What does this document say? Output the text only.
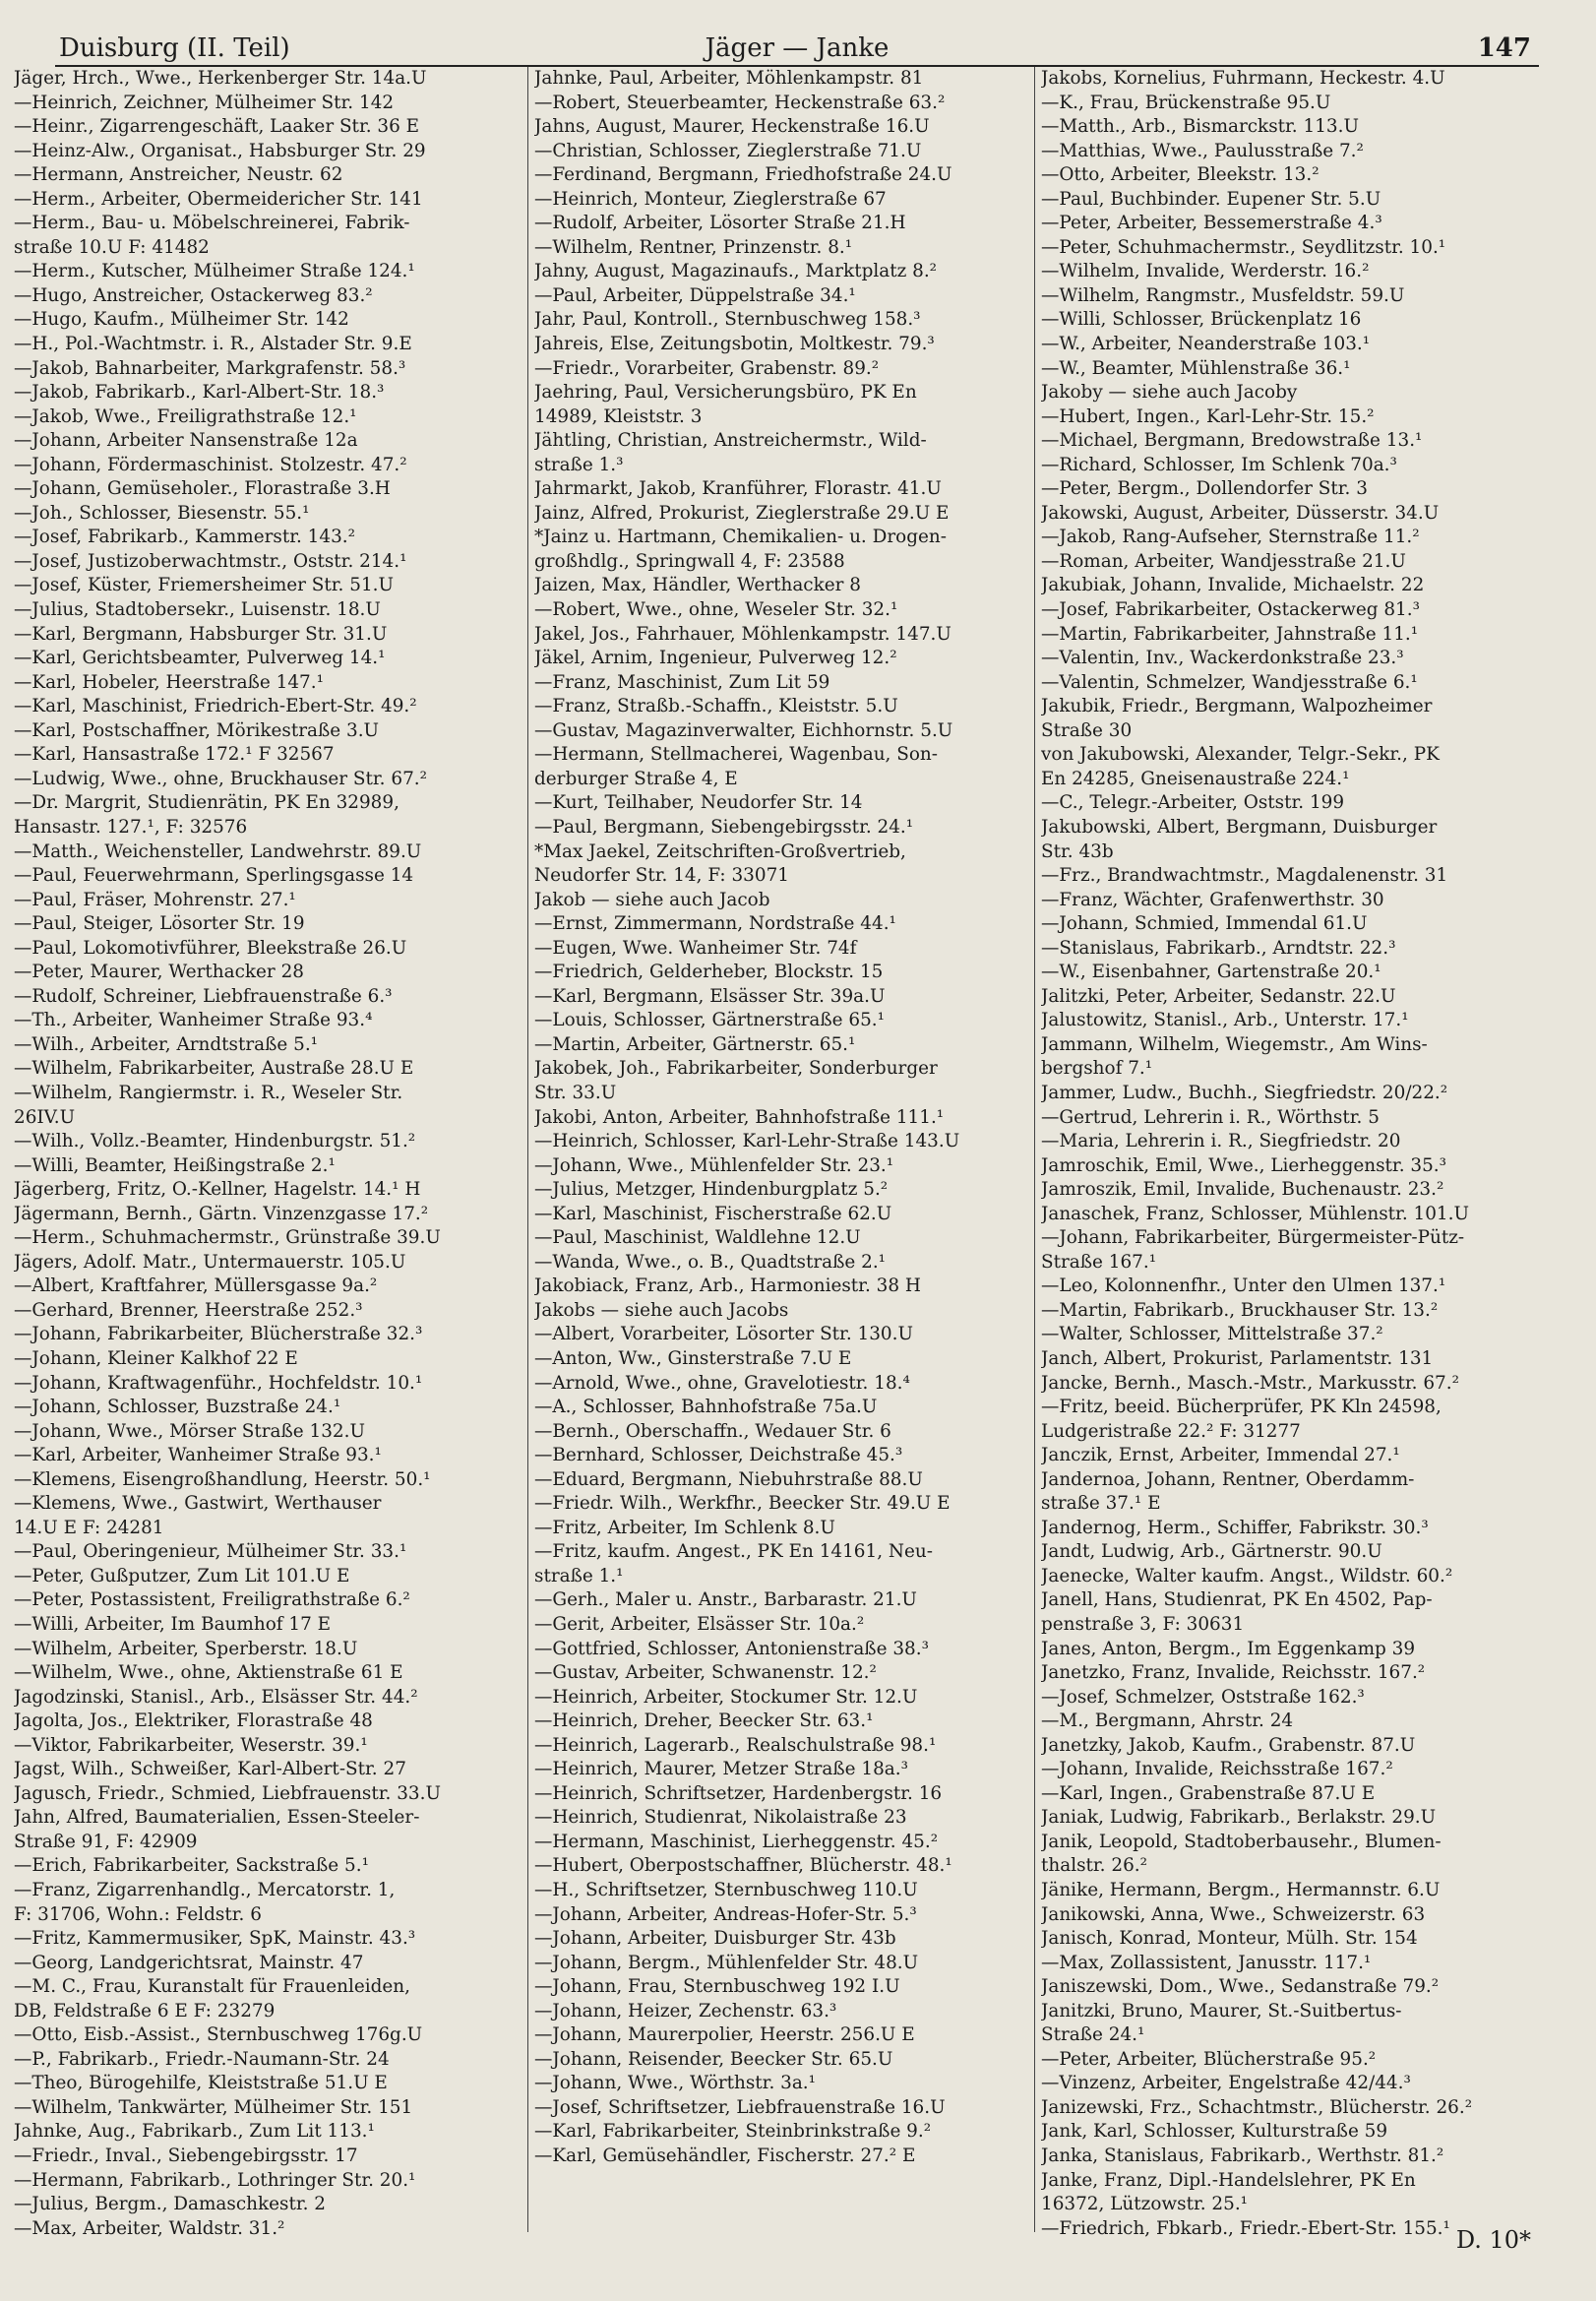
Duisburg (II. Teil)	Jäger — Janke	147
Jäger, Hrch., Wwe., Herkenberger Str. 14a.U
—Heinrich, Zeichner, Mülheimer Str. 142
—Heinr., Zigarrengeschäft, Laaker Str. 36 E
—Heinz-Alw., Organisat., Habsburger Str. 29
—Hermann, Anstreicher, Neustr. 62
—Herm., Arbeiter, Obermeidericher Str. 141
—Herm., Bau- u. Möbelschreinerei, Fabrik-
straße 10.U F: 41482
—Herm., Kutscher, Mülheimer Straße 124.¹
—Hugo, Anstreicher, Ostackerweg 83.²
—Hugo, Kaufm., Mülheimer Str. 142
—H., Pol.-Wachtmstr. i. R., Alstader Str. 9.E
—Jakob, Bahnarbeiter, Markgrafenstr. 58.³
—Jakob, Fabrikarb., Karl-Albert-Str. 18.³
—Jakob, Wwe., Freiligrathstraße 12.¹
—Johann, Arbeiter Nansenstraße 12a
—Johann, Fördermaschinist. Stolzestr. 47.²
—Johann, Gemüseholer., Florastraße 3.H
—Joh., Schlosser, Biesenstr. 55.¹
—Josef, Fabrikarb., Kammerstr. 143.²
—Josef, Justizoberwachtmstr., Oststr. 214.¹
—Josef, Küster, Friemersheimer Str. 51.U
—Julius, Stadtobersekr., Luisenstr. 18.U
—Karl, Bergmann, Habsburger Str. 31.U
—Karl, Gerichtsbeamter, Pulverweg 14.¹
—Karl, Hobeler, Heerstraße 147.¹
—Karl, Maschinist, Friedrich-Ebert-Str. 49.²
—Karl, Postschaffner, Mörikestraße 3.U
—Karl, Hansastraße 172.¹ F 32567
—Ludwig, Wwe., ohne, Bruckhauser Str. 67.²
—Dr. Margrit, Studienrätin, PK En 32989,
Hansastr. 127.¹, F: 32576
—Matth., Weichensteller, Landwehrstr. 89.U
—Paul, Feuerwehrmann, Sperlingsgasse 14
—Paul, Fräser, Mohrenstr. 27.¹
—Paul, Steiger, Lösorter Str. 19
—Paul, Lokomotivführer, Bleekstraße 26.U
—Peter, Maurer, Werthacker 28
—Rudolf, Schreiner, Liebfrauenstraße 6.³
—Th., Arbeiter, Wanheimer Straße 93.⁴
—Wilh., Arbeiter, Arndtstraße 5.¹
—Wilhelm, Fabrikarbeiter, Austraße 28.U E
—Wilhelm, Rangiermstr. i. R., Weseler Str.
26IV.U
—Wilh., Vollz.-Beamter, Hindenburgstr. 51.²
—Willi, Beamter, Heißingstraße 2.¹
Jägerberg, Fritz, O.-Kellner, Hagelstr. 14.¹ H
Jägermann, Bernh., Gärtn. Vinzenzgasse 17.²
—Herm., Schuhmachermstr., Grünstraße 39.U
Jägers, Adolf. Matr., Untermauerstr. 105.U
—Albert, Kraftfahrer, Müllersgasse 9a.²
—Gerhard, Brenner, Heerstraße 252.³
—Johann, Fabrikarbeiter, Blücherstraße 32.³
—Johann, Kleiner Kalkhof 22 E
—Johann, Kraftwagenführ., Hochfeldstr. 10.¹
—Johann, Schlosser, Buzstraße 24.¹
—Johann, Wwe., Mörser Straße 132.U
—Karl, Arbeiter, Wanheimer Straße 93.¹
—Klemens, Eisengroßhandlung, Heerstr. 50.¹
—Klemens, Wwe., Gastwirt, Werthauser
14.U E F: 24281
—Paul, Oberingenieur, Mülheimer Str. 33.¹
—Peter, Gußputzer, Zum Lit 101.U E
—Peter, Postassistent, Freiligrathstraße 6.²
—Willi, Arbeiter, Im Baumhof 17 E
—Wilhelm, Arbeiter, Sperberstr. 18.U
—Wilhelm, Wwe., ohne, Aktienstraße 61 E
Jagodzinski, Stanisl., Arb., Elsässer Str. 44.²
Jagolta, Jos., Elektriker, Florastraße 48
—Viktor, Fabrikarbeiter, Weserstr. 39.¹
Jagst, Wilh., Schweißer, Karl-Albert-Str. 27
Jagusch, Friedr., Schmied, Liebfrauenstr. 33.U
Jahn, Alfred, Baumaterialien, Essen-Steeler-
Straße 91, F: 42909
—Erich, Fabrikarbeiter, Sackstraße 5.¹
—Franz, Zigarrenhandlg., Mercatorstr. 1,
F: 31706, Wohn.: Feldstr. 6
—Fritz, Kammermusiker, SpK, Mainstr. 43.³
—Georg, Landgerichtsrat, Mainstr. 47
—M. C., Frau, Kuranstalt für Frauenleiden,
DB, Feldstraße 6 E F: 23279
—Otto, Eisb.-Assist., Sternbuschweg 176g.U
—P., Fabrikarb., Friedr.-Naumann-Str. 24
—Theo, Bürogehilfe, Kleiststraße 51.U E
—Wilhelm, Tankwärter, Mülheimer Str. 151
Jahnke, Aug., Fabrikarb., Zum Lit 113.¹
—Friedr., Inval., Siebengebirgsstr. 17
—Hermann, Fabrikarb., Lothringer Str. 20.¹
—Julius, Bergm., Damaschkestr. 2
—Max, Arbeiter, Waldstr. 31.²
Jahnke, Paul, Arbeiter, Möhlenkampstr. 81
—Robert, Steuerbeamter, Heckenstraße 63.²
Jahns, August, Maurer, Heckenstraße 16.U
—Christian, Schlosser, Zieglerstraße 71.U
—Ferdinand, Bergmann, Friedhofstraße 24.U
—Heinrich, Monteur, Zieglerstraße 67
—Rudolf, Arbeiter, Lösorter Straße 21.H
—Wilhelm, Rentner, Prinzenstr. 8.¹
Jahny, August, Magazinaufs., Marktplatz 8.²
—Paul, Arbeiter, Düppelstraße 34.¹
Jahr, Paul, Kontroll., Sternbuschweg 158.³
Jahreis, Else, Zeitungsbotin, Moltkestr. 79.³
—Friedr., Vorarbeiter, Grabenstr. 89.²
Jaehring, Paul, Versicherungsbüro, PK En
14989, Kleiststr. 3
Jähtling, Christian, Anstreichermstr., Wild-
straße 1.³
Jahrmarkt, Jakob, Kranführer, Florastr. 41.U
Jainz, Alfred, Prokurist, Zieglerstraße 29.U E
*Jainz u. Hartmann, Chemikalien- u. Drogen-
großhdlg., Springwall 4, F: 23588
Jaizen, Max, Händler, Werthacker 8
—Robert, Wwe., ohne, Weseler Str. 32.¹
Jakel, Jos., Fahrhauer, Möhlenkampstr. 147.U
Jäkel, Arnim, Ingenieur, Pulverweg 12.²
—Franz, Maschinist, Zum Lit 59
—Franz, Straßb.-Schaffn., Kleiststr. 5.U
—Gustav, Magazinverwalter, Eichhornstr. 5.U
—Hermann, Stellmacherei, Wagenbau, Son-
derburger Straße 4, E
—Kurt, Teilhaber, Neudorfer Str. 14
—Paul, Bergmann, Siebengebirgsstr. 24.¹
*Max Jaekel, Zeitschriften-Großvertrieb,
Neudorfer Str. 14, F: 33071
Jakob — siehe auch Jacob
—Ernst, Zimmermann, Nordstraße 44.¹
—Eugen, Wwe. Wanheimer Str. 74f
—Friedrich, Gelderheber, Blockstr. 15
—Karl, Bergmann, Elsässer Str. 39a.U
—Louis, Schlosser, Gärtnerstraße 65.¹
—Martin, Arbeiter, Gärtnerstr. 65.¹
Jakobek, Joh., Fabrikarbeiter, Sonderburger
Str. 33.U
Jakobi, Anton, Arbeiter, Bahnhofstraße 111.¹
—Heinrich, Schlosser, Karl-Lehr-Straße 143.U
—Johann, Wwe., Mühlenfelder Str. 23.¹
—Julius, Metzger, Hindenburgplatz 5.²
—Karl, Maschinist, Fischerstraße 62.U
—Paul, Maschinist, Waldlehne 12.U
—Wanda, Wwe., o. B., Quadtstraße 2.¹
Jakobiack, Franz, Arb., Harmoniestr. 38 H
Jakobs — siehe auch Jacobs
—Albert, Vorarbeiter, Lösorter Str. 130.U
—Anton, Ww., Ginsterstraße 7.U E
—Arnold, Wwe., ohne, Gravelotiestr. 18.⁴
—A., Schlosser, Bahnhofstraße 75a.U
—Bernh., Oberschaffn., Wedauer Str. 6
—Bernhard, Schlosser, Deichstraße 45.³
—Eduard, Bergmann, Niebuhrstraße 88.U
—Friedr. Wilh., Werkfhr., Beecker Str. 49.U E
—Fritz, Arbeiter, Im Schlenk 8.U
—Fritz, kaufm. Angest., PK En 14161, Neu-
straße 1.¹
—Gerh., Maler u. Anstr., Barbarastr. 21.U
—Gerit, Arbeiter, Elsässer Str. 10a.²
—Gottfried, Schlosser, Antonienstraße 38.³
—Gustav, Arbeiter, Schwanenstr. 12.²
—Heinrich, Arbeiter, Stockumer Str. 12.U
—Heinrich, Dreher, Beecker Str. 63.¹
—Heinrich, Lagerarb., Realschulstraße 98.¹
—Heinrich, Maurer, Metzer Straße 18a.³
—Heinrich, Schriftsetzer, Hardenbergstr. 16
—Heinrich, Studienrat, Nikolaistraße 23
—Hermann, Maschinist, Lierheggenstr. 45.²
—Hubert, Oberpostschaffner, Blücherstr. 48.¹
—H., Schriftsetzer, Sternbuschweg 110.U
—Johann, Arbeiter, Andreas-Hofer-Str. 5.³
—Johann, Arbeiter, Duisburger Str. 43b
—Johann, Bergm., Mühlenfelder Str. 48.U
—Johann, Frau, Sternbuschweg 192 I.U
—Johann, Heizer, Zechenstr. 63.³
—Johann, Maurerpolier, Heerstr. 256.U E
—Johann, Reisender, Beecker Str. 65.U
—Johann, Wwe., Wörthstr. 3a.¹
—Josef, Schriftsetzer, Liebfrauenstraße 16.U
—Karl, Fabrikarbeiter, Steinbrinkstraße 9.²
—Karl, Gemüsehändler, Fischerstr. 27.² E
Jakobs, Kornelius, Fuhrmann, Heckestr. 4.U
—K., Frau, Brückenstraße 95.U
—Matth., Arb., Bismarckstr. 113.U
—Matthias, Wwe., Paulusstraße 7.²
—Otto, Arbeiter, Bleekstr. 13.²
—Paul, Buchbinder. Eupener Str. 5.U
—Peter, Arbeiter, Bessemerstraße 4.³
—Peter, Schuhmachermstr., Seydlitzstr. 10.¹
—Wilhelm, Invalide, Werderstr. 16.²
—Wilhelm, Rangmstr., Musfeldstr. 59.U
—Willi, Schlosser, Brückenplatz 16
—W., Arbeiter, Neanderstraße 103.¹
—W., Beamter, Mühlenstraße 36.¹
Jakoby — siehe auch Jacoby
—Hubert, Ingen., Karl-Lehr-Str. 15.²
—Michael, Bergmann, Bredowstraße 13.¹
—Richard, Schlosser, Im Schlenk 70a.³
—Peter, Bergm., Dollendorfer Str. 3
Jakowski, August, Arbeiter, Düsserstr. 34.U
—Jakob, Rang-Aufseher, Sternstraße 11.²
—Roman, Arbeiter, Wandjesstraße 21.U
Jakubiak, Johann, Invalide, Michaelstr. 22
—Josef, Fabrikarbeiter, Ostackerweg 81.³
—Martin, Fabrikarbeiter, Jahnstraße 11.¹
—Valentin, Inv., Wackerdonkstraße 23.³
—Valentin, Schmelzer, Wandjesstraße 6.¹
Jakubik, Friedr., Bergmann, Walpozheimer
Straße 30
von Jakubowski, Alexander, Telgr.-Sekr., PK
En 24285, Gneisenaustraße 224.¹
—C., Telegr.-Arbeiter, Oststr. 199
Jakubowski, Albert, Bergmann, Duisburger
Str. 43b
—Frz., Brandwachtmstr., Magdalenenstr. 31
—Franz, Wächter, Grafenwerthstr. 30
—Johann, Schmied, Immendal 61.U
—Stanislaus, Fabrikarb., Arndtstr. 22.³
—W., Eisenbahner, Gartenstraße 20.¹
Jalitzki, Peter, Arbeiter, Sedanstr. 22.U
Jalustowitz, Stanisl., Arb., Unterstr. 17.¹
Jammann, Wilhelm, Wiegemstr., Am Wins-
bergshof 7.¹
Jammer, Ludw., Buchh., Siegfriedstr. 20/22.²
—Gertrud, Lehrerin i. R., Wörthstr. 5
—Maria, Lehrerin i. R., Siegfriedstr. 20
Jamroschik, Emil, Wwe., Lierheggenstr. 35.³
Jamroszik, Emil, Invalide, Buchenaustr. 23.²
Janaschek, Franz, Schlosser, Mühlenstr. 101.U
—Johann, Fabrikarbeiter, Bürgermeister-Pütz-
Straße 167.¹
—Leo, Kolonnenfhr., Unter den Ulmen 137.¹
—Martin, Fabrikarb., Bruckhauser Str. 13.²
—Walter, Schlosser, Mittelstraße 37.²
Janch, Albert, Prokurist, Parlamentstr. 131
Jancke, Bernh., Masch.-Mstr., Markusstr. 67.²
—Fritz, beeid. Bücherprüfer, PK Kln 24598,
Ludgeristraße 22.² F: 31277
Janczik, Ernst, Arbeiter, Immendal 27.¹
Jandernoa, Johann, Rentner, Oberdamm-
straße 37.¹ E
Jandernog, Herm., Schiffer, Fabrikstr. 30.³
Jandt, Ludwig, Arb., Gärtnerstr. 90.U
Jaenecke, Walter kaufm. Angst., Wildstr. 60.²
Janell, Hans, Studienrat, PK En 4502, Pap-
penstraße 3, F: 30631
Janes, Anton, Bergm., Im Eggenkamp 39
Janetzko, Franz, Invalide, Reichsstr. 167.²
—Josef, Schmelzer, Oststraße 162.³
—M., Bergmann, Ahrstr. 24
Janetzky, Jakob, Kaufm., Grabenstr. 87.U
—Johann, Invalide, Reichsstraße 167.²
—Karl, Ingen., Grabenstraße 87.U E
Janiak, Ludwig, Fabrikarb., Berlakstr. 29.U
Janik, Leopold, Stadtoberbausehr., Blumen-
thalstr. 26.²
Jänike, Hermann, Bergm., Hermannstr. 6.U
Janikowski, Anna, Wwe., Schweizerstr. 63
Janisch, Konrad, Monteur, Mülh. Str. 154
—Max, Zollassistent, Janusstr. 117.¹
Janiszewski, Dom., Wwe., Sedanstraße 79.²
Janitzki, Bruno, Maurer, St.-Suitbertus-
Straße 24.¹
—Peter, Arbeiter, Blücherstraße 95.²
—Vinzenz, Arbeiter, Engelstraße 42/44.³
Janizewski, Frz., Schachtmstr., Blücherstr. 26.²
Jank, Karl, Schlosser, Kulturstraße 59
Janka, Stanislaus, Fabrikarb., Werthstr. 81.²
Janke, Franz, Dipl.-Handelslehrer, PK En
16372, Lützowstr. 25.¹
—Friedrich, Fbkarb., Friedr.-Ebert-Str. 155.¹ D. 10*
